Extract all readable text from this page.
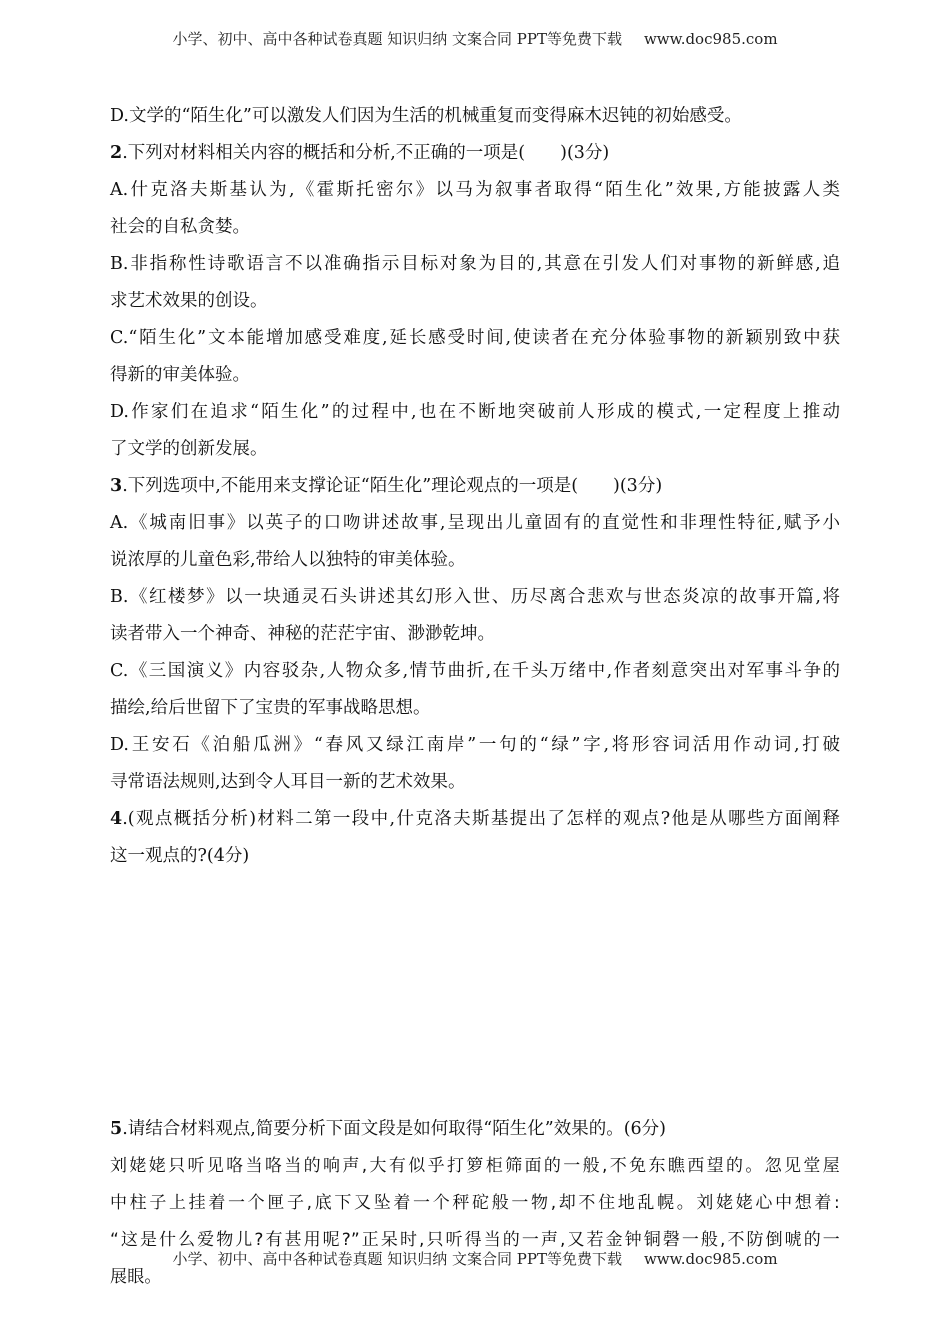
小学、初中、高中各种试卷真题 知识归纳 文案合同 PPT等免费下载 www.doc985.com
D.文学的“陌生化”可以激发人们因为生活的机械重复而变得麻木迟钝的初始感受。
2.下列对材料相关内容的概括和分析,不正确的一项是(　　)(3分)
A.什克洛夫斯基认为,《霍斯托密尔》以马为叙事者取得“陌生化”效果,方能披露人类
社会的自私贪婪。
B.非指称性诗歌语言不以准确指示目标对象为目的,其意在引发人们对事物的新鲜感,追
求艺术效果的创设。
C.“陌生化”文本能增加感受难度,延长感受时间,使读者在充分体验事物的新颖别致中获
得新的审美体验。
D.作家们在追求“陌生化”的过程中,也在不断地突破前人形成的模式,一定程度上推动
了文学的创新发展。
3.下列选项中,不能用来支撑论证“陌生化”理论观点的一项是(　　)(3分)
A.《城南旧事》以英子的口吻讲述故事,呈现出儿童固有的直觉性和非理性特征,赋予小
说浓厚的儿童色彩,带给人以独特的审美体验。
B.《红楼梦》以一块通灵石头讲述其幻形入世、历尽离合悲欢与世态炎凉的故事开篇,将
读者带入一个神奇、神秘的茫茫宇宙、渺渺乾坤。
C.《三国演义》内容驳杂,人物众多,情节曲折,在千头万绪中,作者刻意突出对军事斗争的
描绘,给后世留下了宝贵的军事战略思想。
D.王安石《泊船瓜洲》“春风又绿江南岸”一句的“绿”字,将形容词活用作动词,打破
寻常语法规则,达到令人耳目一新的艺术效果。
4.(观点概括分析)材料二第一段中,什克洛夫斯基提出了怎样的观点?他是从哪些方面阐释
这一观点的?(4分)
5.请结合材料观点,简要分析下面文段是如何取得“陌生化”效果的。(6分)
刘姥姥只听见咯当咯当的响声,大有似乎打箩柜筛面的一般,不免东瞧西望的。忽见堂屋
中柱子上挂着一个匣子,底下又坠着一个秤砣般一物,却不住地乱幌。刘姥姥心中想着:
“这是什么爱物儿?有甚用呢?”正呆时,只听得当的一声,又若金钟铜磬一般,不防倒唬的一
展眼。
小学、初中、高中各种试卷真题 知识归纳 文案合同 PPT等免费下载 www.doc985.com
